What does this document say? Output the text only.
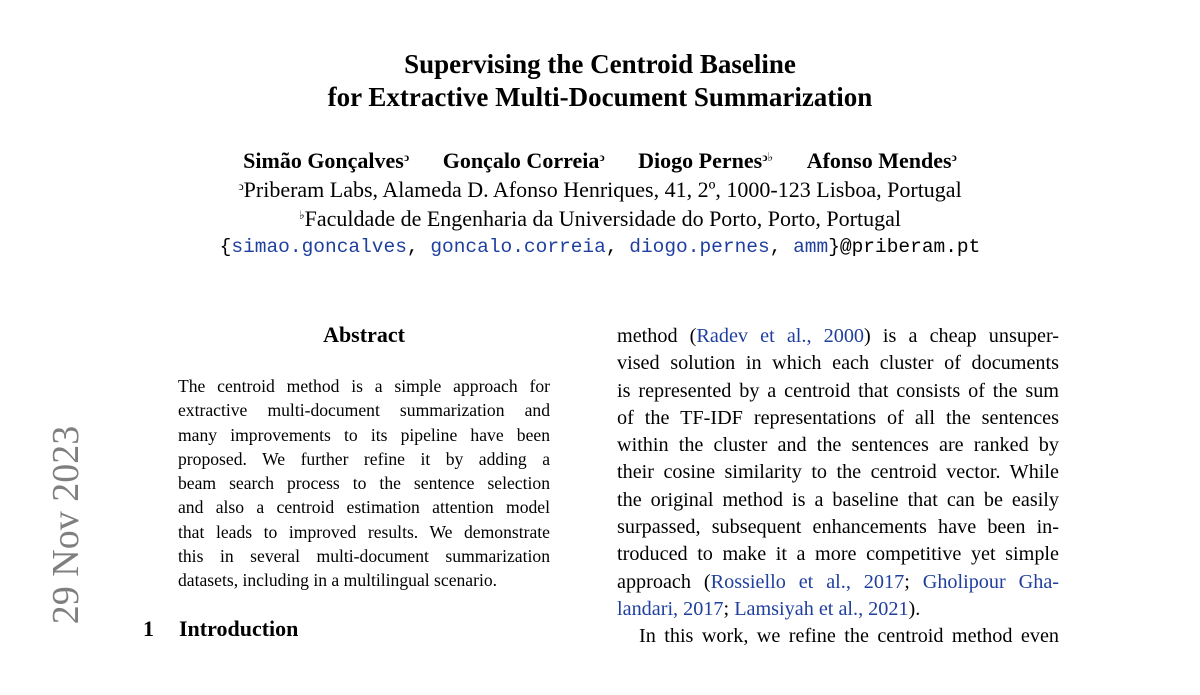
Supervising the Centroid Baseline
for Extractive Multi-Document Summarization
Simão Gonçalves$^ↄ$ Gonçalo Correia$^ↄ$ Diogo Pernes$^{ↄ♭}$ Afonso Mendes$^ↄ$
$^ↄ$Priberam Labs, Alameda D. Afonso Henriques, 41, 2º, 1000-123 Lisboa, Portugal
♭Faculdade de Engenharia da Universidade do Porto, Porto, Portugal
{simao.goncalves, goncalo.correia, diogo.pernes, amm}@priberam.pt
29 Nov 2023
Abstract
The centroid method is a simple approach for
extractive multi-document summarization and
many improvements to its pipeline have been
proposed. We further refine it by adding a
beam search process to the sentence selection
and also a centroid estimation attention model
that leads to improved results. We demonstrate
this in several multi-document summarization
datasets, including in a multilingual scenario.
1 Introduction
method (Radev et al., 2000) is a cheap unsuper-
vised solution in which each cluster of documents
is represented by a centroid that consists of the sum
of the TF-IDF representations of all the sentences
within the cluster and the sentences are ranked by
their cosine similarity to the centroid vector. While
the original method is a baseline that can be easily
surpassed, subsequent enhancements have been in-
troduced to make it a more competitive yet simple
approach (Rossiello et al., 2017; Gholipour Gha-
landari, 2017; Lamsiyah et al., 2021).
In this work, we refine the centroid method even
